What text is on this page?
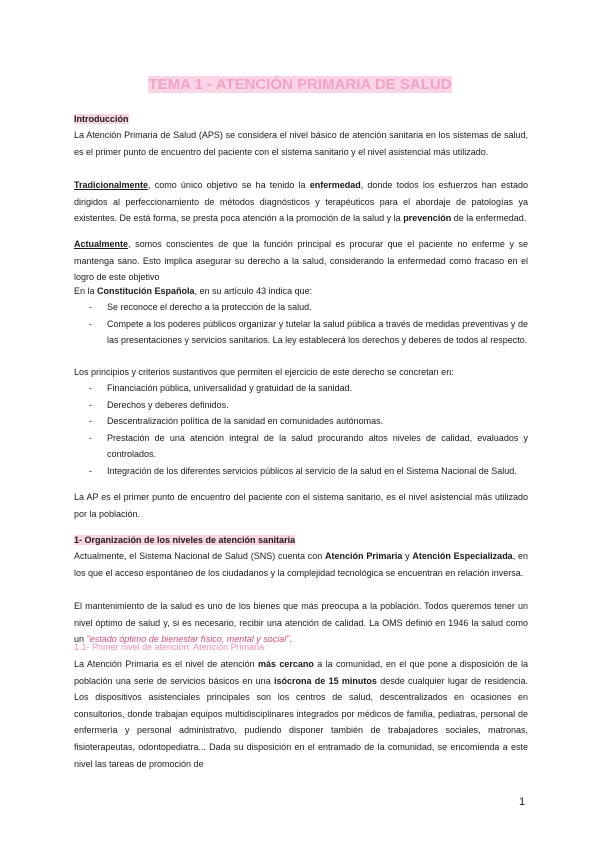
TEMA 1 - ATENCIÓN PRIMARIA DE SALUD
Introducción

La Atención Primaria de Salud (APS) se considera el nivel básico de atención sanitaria en los sistemas de salud, es el primer punto de encuentro del paciente con el sistema sanitario y el nivel asistencial más utilizado.

Tradicionalmente, como único objetivo se ha tenido la enfermedad, donde todos los esfuerzos han estado dirigidos al perfeccionamiento de métodos diagnósticos y terapéuticos para el abordaje de patologías ya existentes. De está forma, se presta poca atención a la promoción de la salud y la prevención de la enfermedad.

Actualmente, somos conscientes de que la función principal es procurar que el paciente no enferme y se mantenga sano. Esto implica asegurar su derecho a la salud, considerando la enfermedad como fracaso en el logro de este objetivo

En la Constitución Española, en su artículo 43 indica que:

- Se reconoce el derecho a la protección de la salud.
- Compete a los poderes públicos organizar y tutelar la salud pública a través de medidas preventivas y de las presentaciones y servicios sanitarios. La ley establecerá los derechos y deberes de todos al respecto.

Los principios y criterios sustantivos que permiten el ejercicio de este derecho se concretan en:

- Financiación pública, universalidad y gratuidad de la sanidad.
- Derechos y deberes definidos.
- Descentralización política de la sanidad en comunidades autónomas.
- Prestación de una atención integral de la salud procurando altos niveles de calidad, evaluados y controlados.
- Integración de los diferentes servicios públicos al servicio de la salud en el Sistema Nacional de Salud.

La AP es el primer punto de encuentro del paciente con el sistema sanitario, es el nivel asistencial más utilizado por la población.

1- Organización de los niveles de atención sanitaria

Actualmente, el Sistema Nacional de Salud (SNS) cuenta con Atención Primaria y Atención Especializada, en los que el acceso espontáneo de los ciudadanos y la complejidad tecnológica se encuentran en relación inversa.

El mantenimiento de la salud es uno de los bienes que más preocupa a la población. Todos queremos tener un nivel óptimo de salud y, si es necesario, recibir una atención de calidad. La OMS definió en 1946 la salud como un "estado óptimo de bienestar físico, mental y social".

1.1- Primer nivel de atención: Atención Primaria

La Atención Primaria es el nivel de atención más cercano a la comunidad, en el que pone a disposición de la población una serie de servicios básicos en una isócrona de 15 minutos desde cualquier lugar de residencia. Los dispositivos asistenciales principales son los centros de salud, descentralizados en ocasiones en consultorios, donde trabajan equipos multidisciplinares integrados por médicos de familia, pediatras, personal de enfermería y personal administrativo, pudiendo disponer también de trabajadores sociales, matronas, fisioterapeutas, odontopediatra... Dada su disposición en el entramado de la comunidad, se encomienda a este nivel las tareas de promoción de

1
